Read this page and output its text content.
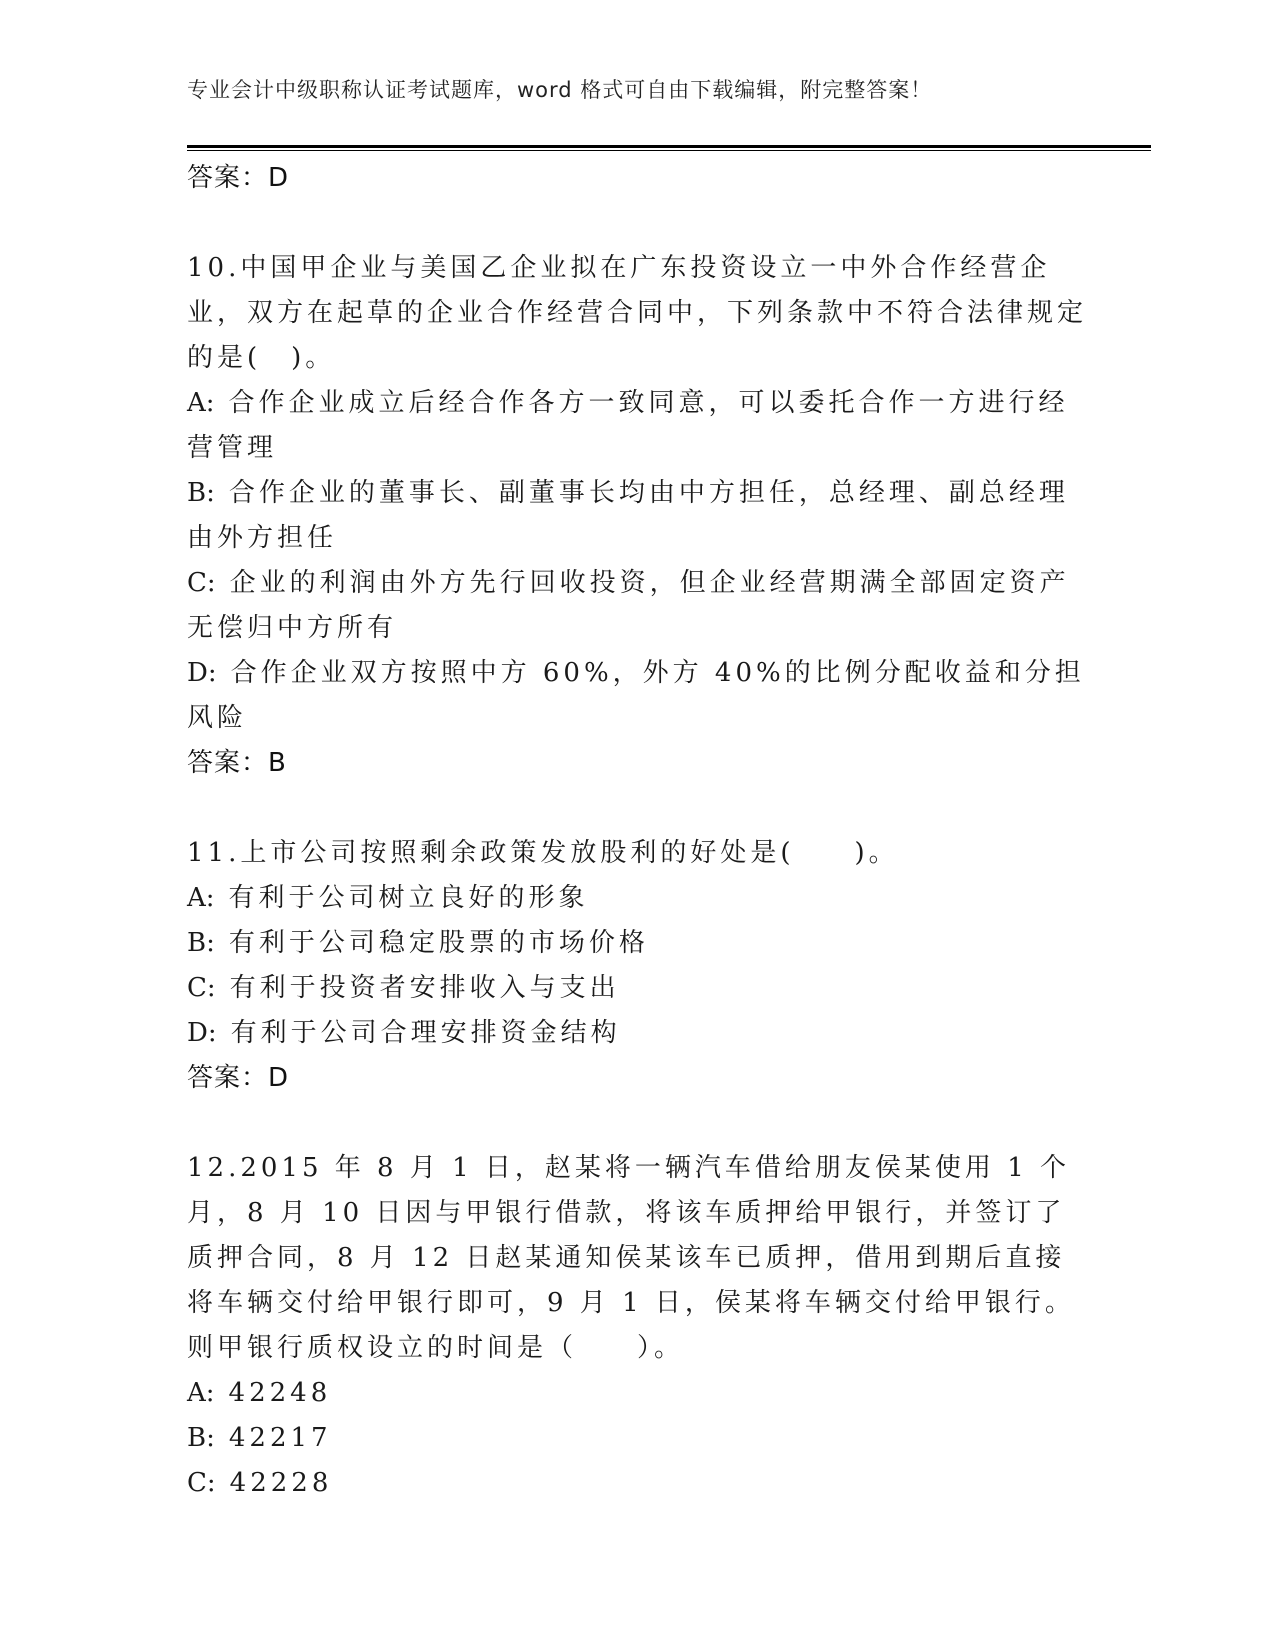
专业会计中级职称认证考试题库，word 格式可自由下载编辑，附完整答案！
答案：D
10.中国甲企业与美国乙企业拟在广东投资设立一中外合作经营企业，双方在起草的企业合作经营合同中，下列条款中不符合法律规定的是(　)。
A: 合作企业成立后经合作各方一致同意，可以委托合作一方进行经营管理
B: 合作企业的董事长、副董事长均由中方担任，总经理、副总经理由外方担任
C: 企业的利润由外方先行回收投资，但企业经营期满全部固定资产无偿归中方所有
D: 合作企业双方按照中方 60%，外方 40%的比例分配收益和分担风险
答案：B
11.上市公司按照剩余政策发放股利的好处是(　　)。
A: 有利于公司树立良好的形象
B: 有利于公司稳定股票的市场价格
C: 有利于投资者安排收入与支出
D: 有利于公司合理安排资金结构
答案：D
12.2015 年 8 月 1 日，赵某将一辆汽车借给朋友侯某使用 1 个月，8 月 10 日因与甲银行借款，将该车质押给甲银行，并签订了质押合同，8 月 12 日赵某通知侯某该车已质押，借用到期后直接将车辆交付给甲银行即可，9 月 1 日，侯某将车辆交付给甲银行。则甲银行质权设立的时间是（　　）。
A: 42248
B: 42217
C: 42228
